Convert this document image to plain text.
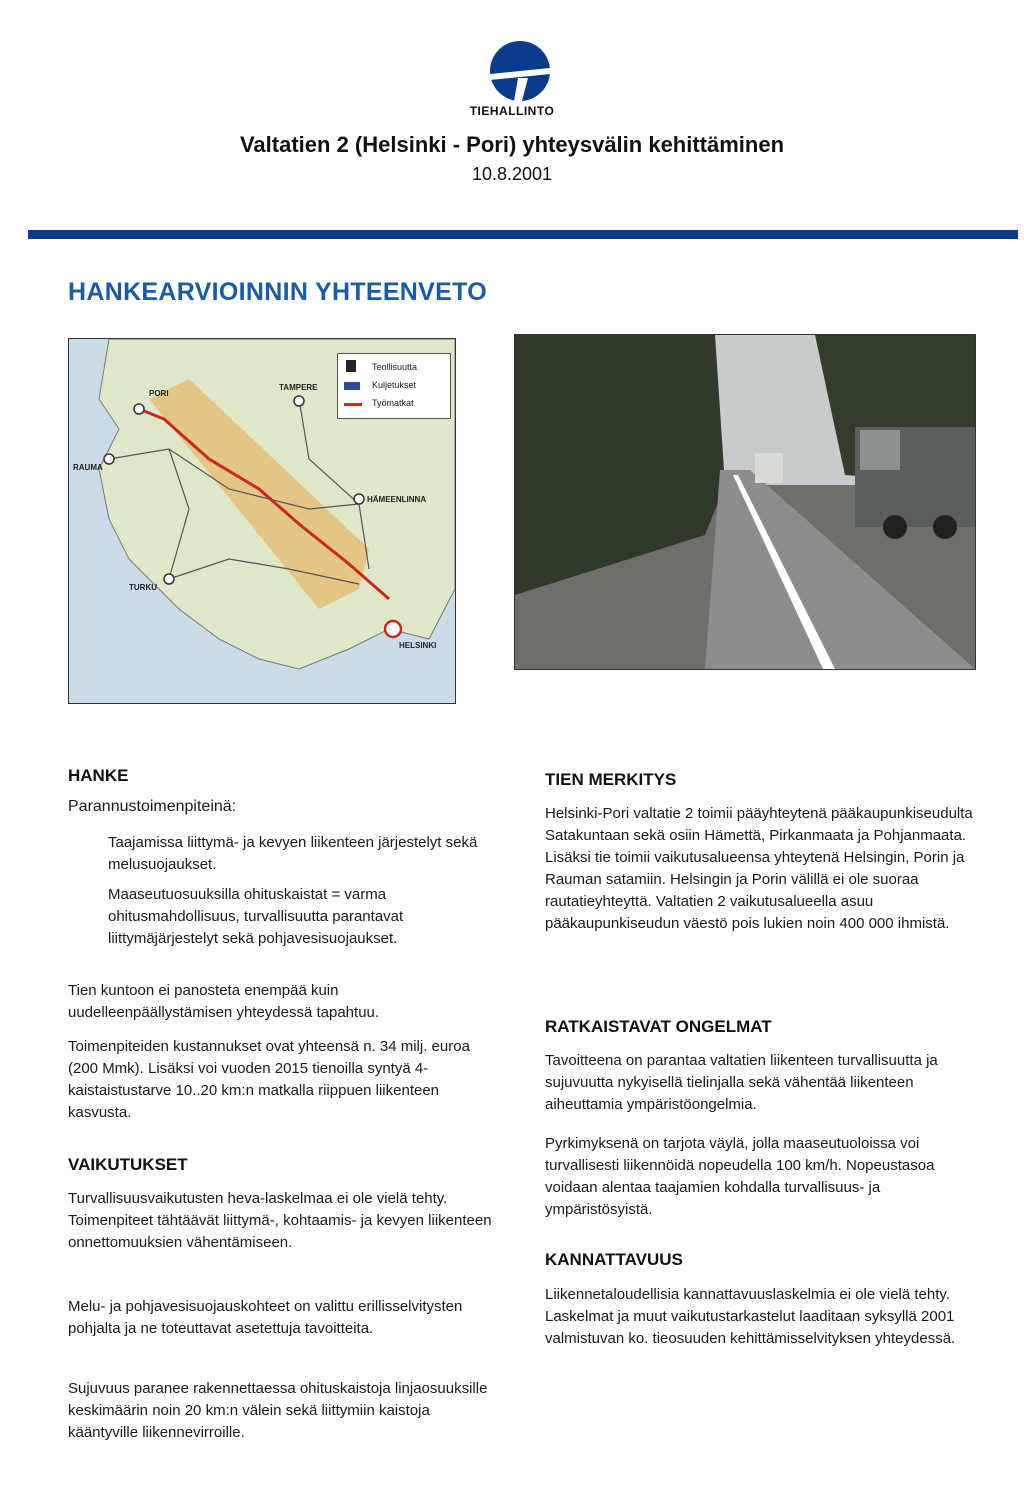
TIEHALLINTO
Valtatien 2 (Helsinki - Pori) yhteysvälin kehittäminen
10.8.2001
HANKEARVIOINNIN YHTEENVETO
PORI
TAMPERE
RAUMA
HÄMEENLINNA
TURKU
HELSINKI
Teollisuutta
Kuljetukset
Työmatkat
HANKE
Parannustoimenpiteinä:
Taajamissa liittymä- ja kevyen liikenteen järjestelyt sekä melusuojaukset.
Maaseutuosuuksilla ohituskaistat = varma ohitusmahdollisuus, turvallisuutta parantavat liittymäjärjestelyt sekä pohjavesisuojaukset.
Tien kuntoon ei panosteta enempää kuin uudelleenpäällystämisen yhteydessä tapahtuu.
Toimenpiteiden kustannukset ovat yhteensä n. 34 milj. euroa (200 Mmk). Lisäksi voi vuoden 2015 tienoilla syntyä 4-kaistaistustarve 10..20 km:n matkalla riippuen liikenteen kasvusta.
VAIKUTUKSET
Turvallisuusvaikutusten heva-laskelmaa ei ole vielä tehty. Toimenpiteet tähtäävät liittymä-, kohtaamis- ja kevyen liikenteen onnettomuuksien vähentämiseen.
Melu- ja pohjavesisuojauskohteet on valittu erillisselvitysten pohjalta ja ne toteuttavat asetettuja tavoitteita.
Sujuvuus paranee rakennettaessa ohituskaistoja linjaosuuksille keskimäärin noin 20 km:n välein sekä liittymiin kaistoja kääntyville liikennevirroille.
TIEN MERKITYS
Helsinki-Pori valtatie 2 toimii pääyhteytenä pääkaupunkiseudulta Satakuntaan sekä osiin Hämettä, Pirkanmaata ja Pohjanmaata. Lisäksi tie toimii vaikutusalueensa yhteytenä Helsingin, Porin ja Rauman satamiin. Helsingin ja Porin välillä ei ole suoraa rautatieyhteyttä. Valtatien 2 vaikutusalueella asuu pääkaupunkiseudun väestö pois lukien noin 400 000 ihmistä.
RATKAISTAVAT ONGELMAT
Tavoitteena on parantaa valtatien liikenteen turvallisuutta ja sujuvuutta nykyisellä tielinjalla sekä vähentää liikenteen aiheuttamia ympäristöongelmia.
Pyrkimyksenä on tarjota väylä, jolla maaseutuolоissa voi turvallisesti liikennöidä nopeudella 100 km/h. Nopeustasoa voidaan alentaa taajamien kohdalla turvallisuus- ja ympäristösyistä.
KANNATTAVUUS
Liikennetaloudellisia kannattavuuslaskelmia ei ole vielä tehty. Laskelmat ja muut vaikutustarkastelut laaditaan syksyllä 2001 valmistuvan ko. tieosuuden kehittämisselvityksen yhteydessä.
